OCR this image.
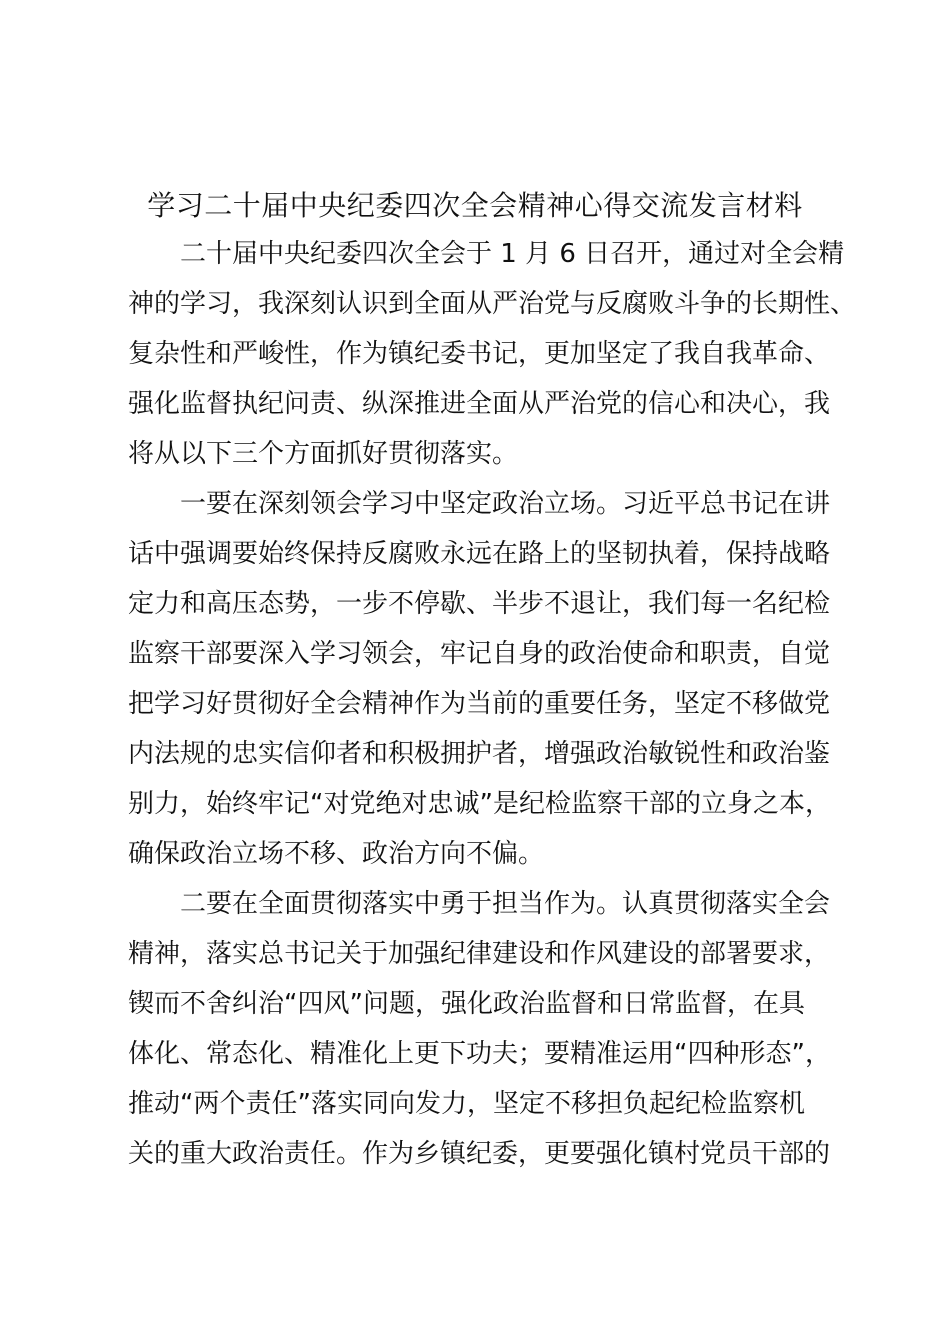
学习二十届中央纪委四次全会精神心得交流发言材料
二十届中央纪委四次全会于 1 月 6 日召开，通过对全会精
神的学习，我深刻认识到全面从严治党与反腐败斗争的长期性、
复杂性和严峻性，作为镇纪委书记，更加坚定了我自我革命、
强化监督执纪问责、纵深推进全面从严治党的信心和决心，我
将从以下三个方面抓好贯彻落实。
一要在深刻领会学习中坚定政治立场。习近平总书记在讲
话中强调要始终保持反腐败永远在路上的坚韧执着，保持战略
定力和高压态势，一步不停歇、半步不退让，我们每一名纪检
监察干部要深入学习领会，牢记自身的政治使命和职责，自觉
把学习好贯彻好全会精神作为当前的重要任务，坚定不移做党
内法规的忠实信仰者和积极拥护者，增强政治敏锐性和政治鉴
别力，始终牢记“对党绝对忠诚”是纪检监察干部的立身之本，
确保政治立场不移、政治方向不偏。
二要在全面贯彻落实中勇于担当作为。认真贯彻落实全会
精神，落实总书记关于加强纪律建设和作风建设的部署要求，
锲而不舍纠治“四风”问题，强化政治监督和日常监督，在具
体化、常态化、精准化上更下功夫；要精准运用“四种形态”，
推动“两个责任”落实同向发力，坚定不移担负起纪检监察机
关的重大政治责任。作为乡镇纪委，更要强化镇村党员干部的
